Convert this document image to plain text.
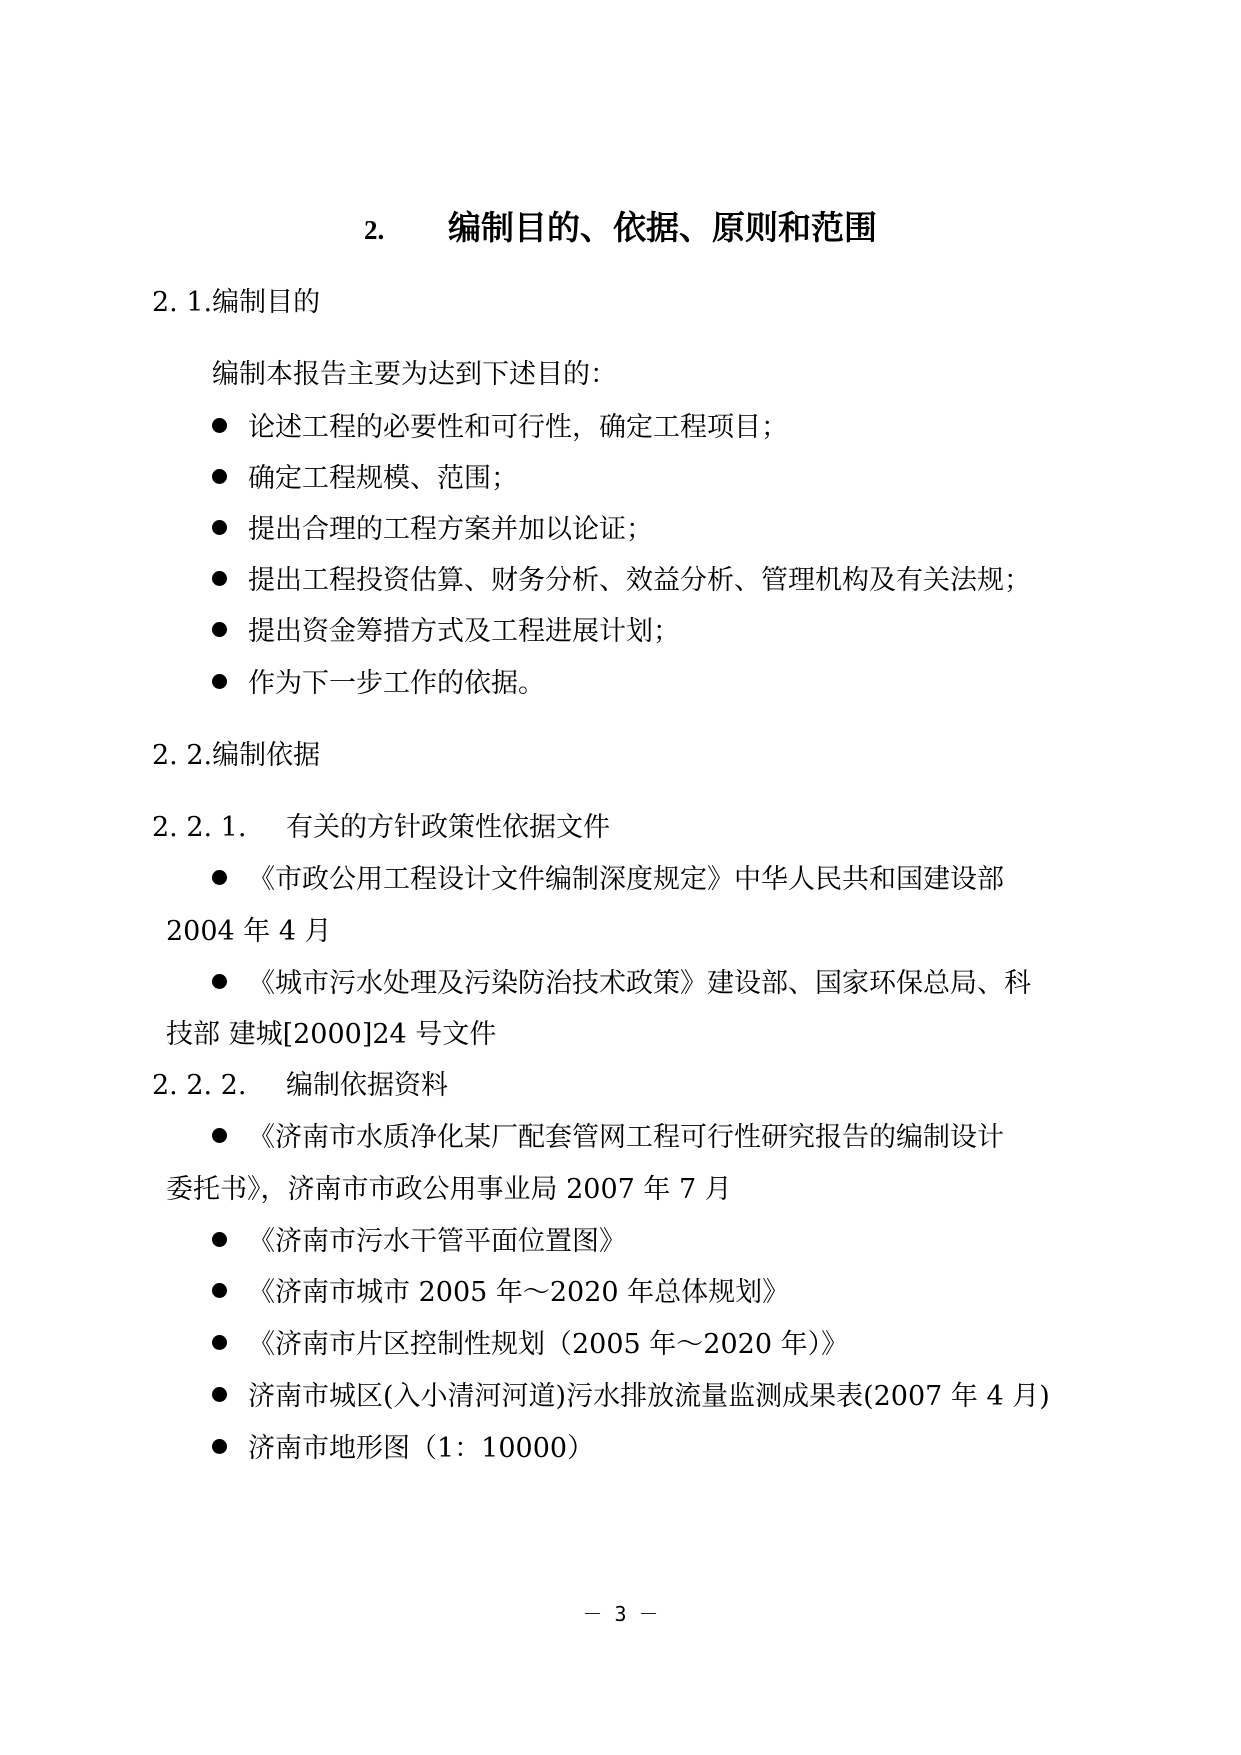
2. 编制目的、依据、原则和范围
2. 1.编制目的
编制本报告主要为达到下述目的：
论述工程的必要性和可行性，确定工程项目；
确定工程规模、范围；
提出合理的工程方案并加以论证；
提出工程投资估算、财务分析、效益分析、管理机构及有关法规；
提出资金筹措方式及工程进展计划；
作为下一步工作的依据。
2. 2.编制依据
2. 2. 1. 有关的方针政策性依据文件
《市政公用工程设计文件编制深度规定》中华人民共和国建设部
2004 年 4 月
《城市污水处理及污染防治技术政策》建设部、国家环保总局、科
技部 建城[2000]24 号文件
2. 2. 2. 编制依据资料
《济南市水质净化某厂配套管网工程可行性研究报告的编制设计
委托书》，济南市市政公用事业局 2007 年 7 月
《济南市污水干管平面位置图》
《济南市城市 2005 年～2020 年总体规划》
《济南市片区控制性规划（2005 年～2020 年）》
济南市城区(入小清河河道)污水排放流量监测成果表(2007 年 4 月)
济南市地形图（1：10000）
－ 3 －
